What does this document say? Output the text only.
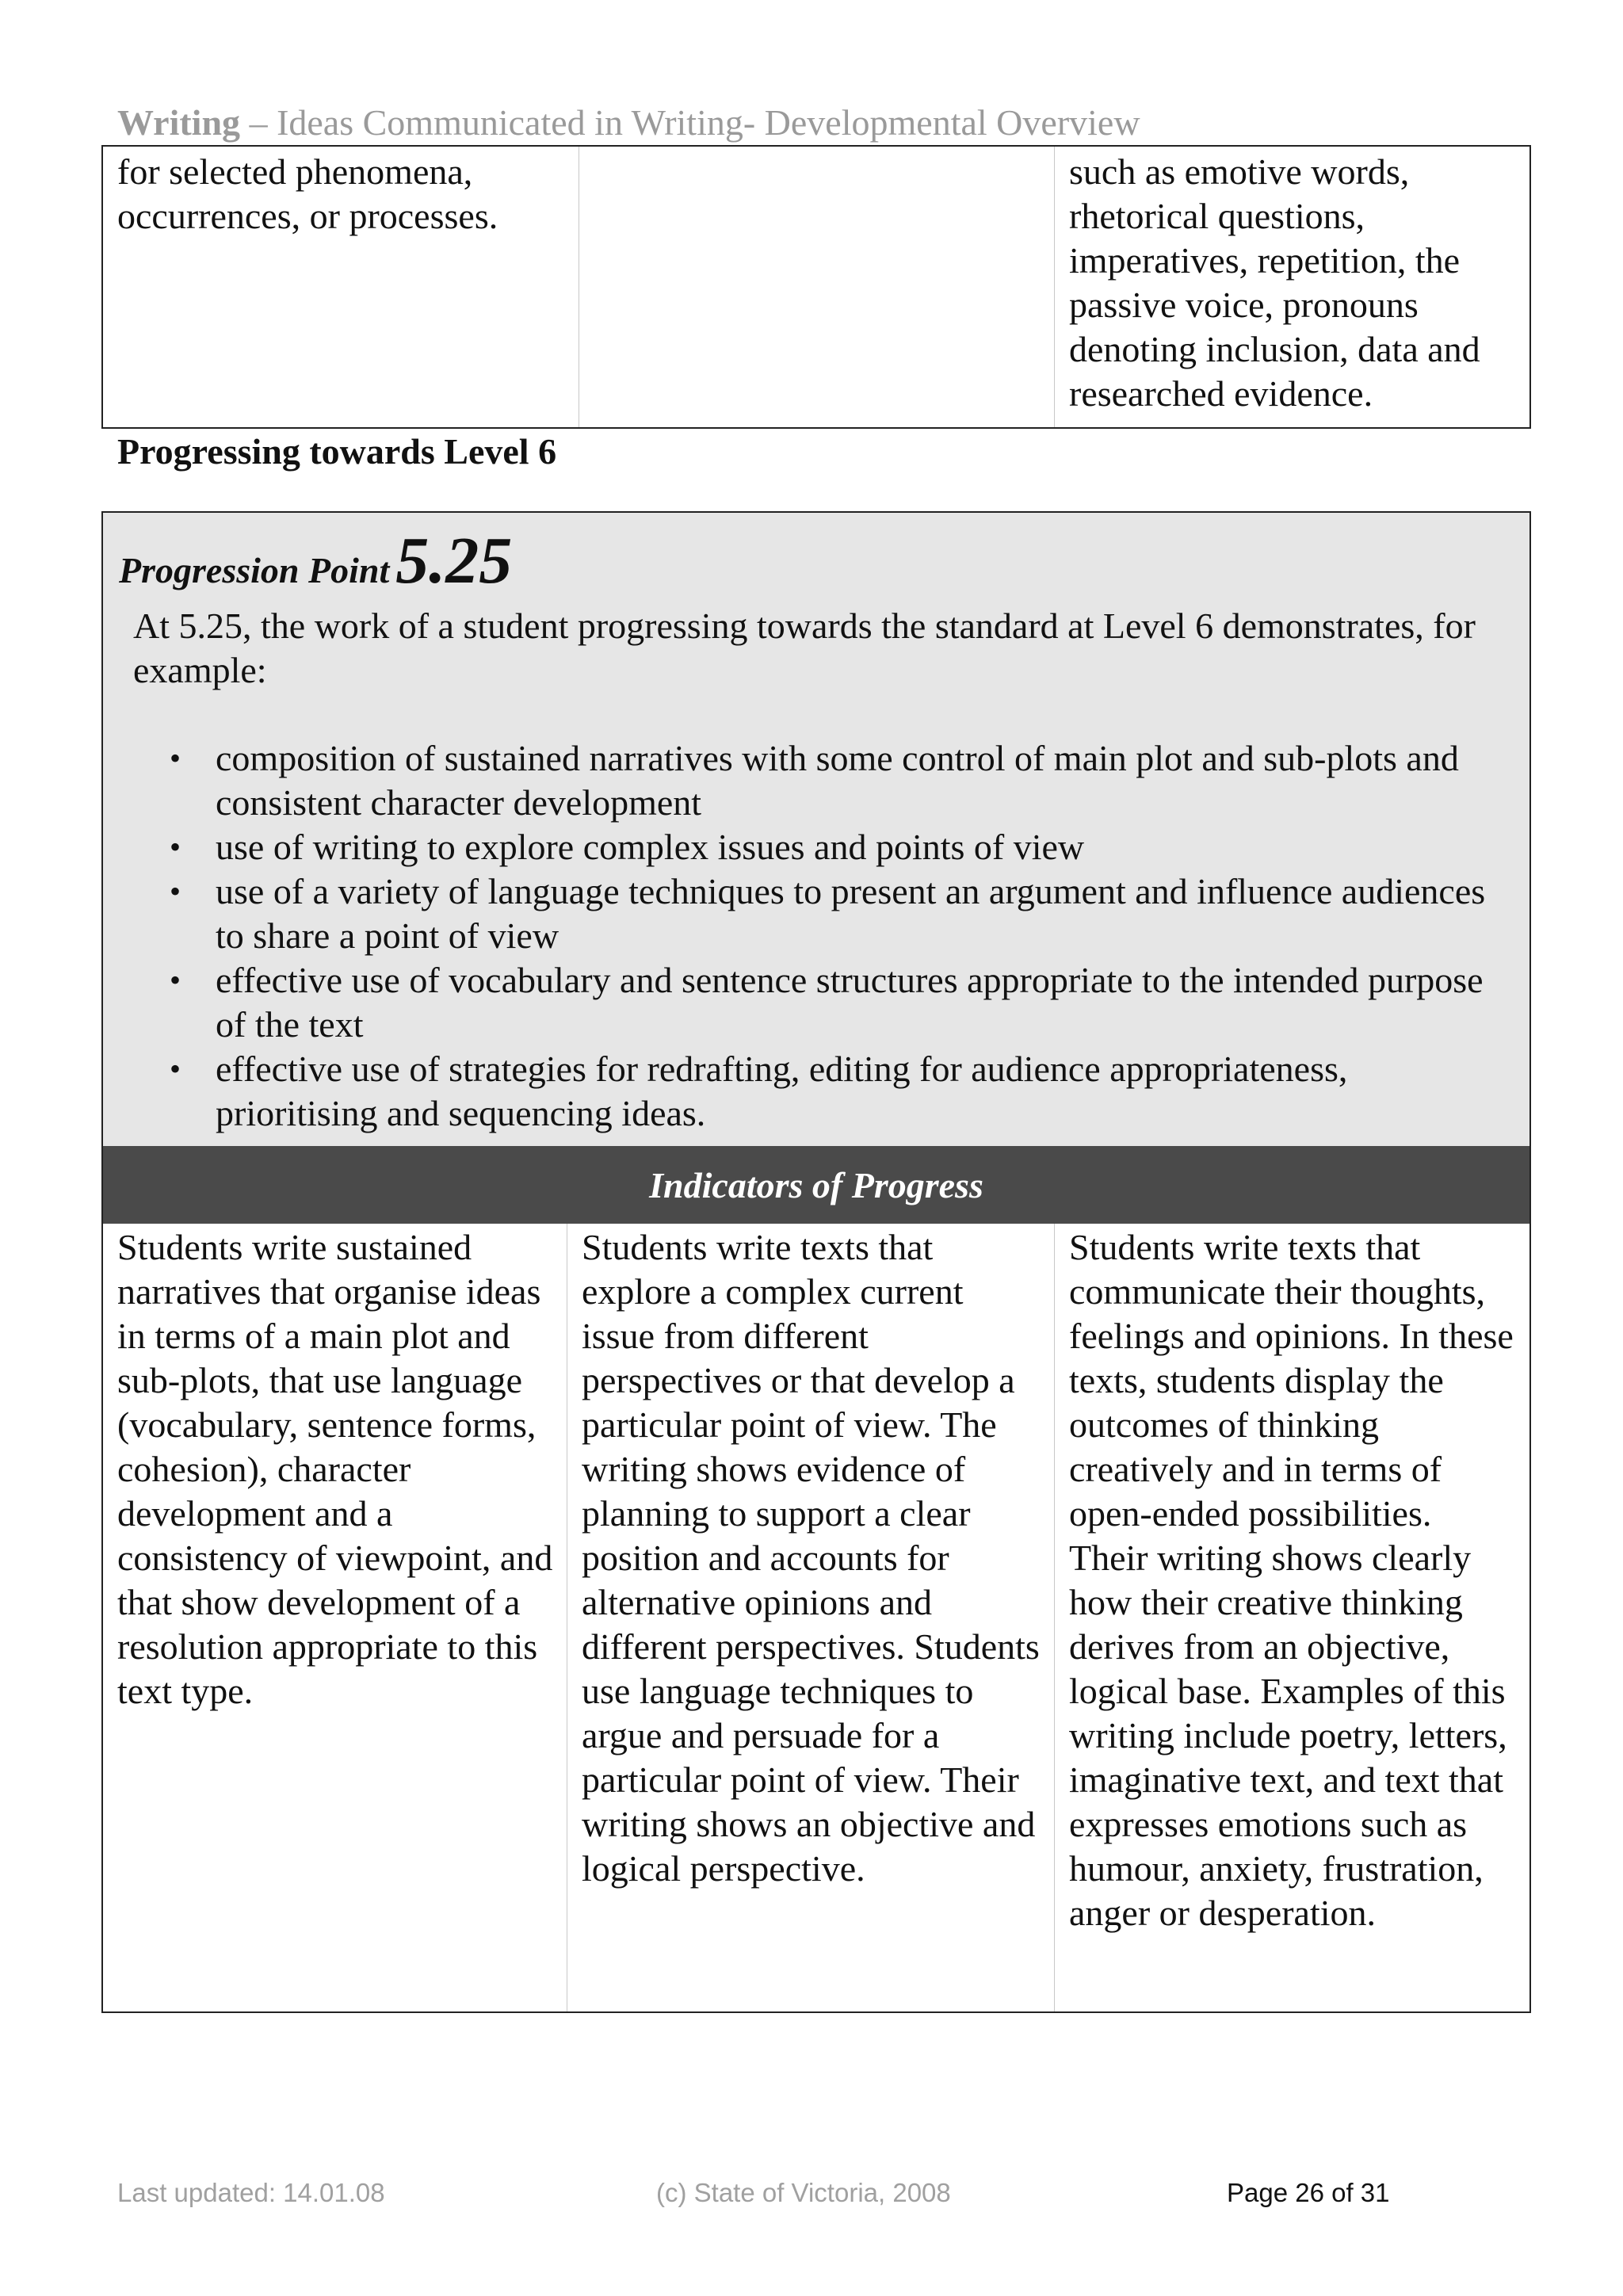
Writing – Ideas Communicated in Writing- Developmental Overview
for selected phenomena, occurrences, or processes.
such as emotive words, rhetorical questions, imperatives, repetition, the passive voice, pronouns denoting inclusion, data and researched evidence.
Progressing towards Level 6
Progression Point5.25
At 5.25, the work of a student progressing towards the standard at Level 6 demonstrates, for example:
• composition of sustained narratives with some control of main plot and sub-plots and consistent character development
• use of writing to explore complex issues and points of view
• use of a variety of language techniques to present an argument and influence audiences to share a point of view
• effective use of vocabulary and sentence structures appropriate to the intended purpose of the text
• effective use of strategies for redrafting, editing for audience appropriateness, prioritising and sequencing ideas.
Indicators of Progress
Students write sustained narratives that organise ideas in terms of a main plot and sub-plots, that use language (vocabulary, sentence forms, cohesion), character development and a consistency of viewpoint, and that show development of a resolution appropriate to this text type.
Students write texts that explore a complex current issue from different perspectives or that develop a particular point of view. The writing shows evidence of planning to support a clear position and accounts for alternative opinions and different perspectives. Students use language techniques to argue and persuade for a particular point of view. Their writing shows an objective and logical perspective.
Students write texts that communicate their thoughts, feelings and opinions. In these texts, students display the outcomes of thinking creatively and in terms of open-ended possibilities. Their writing shows clearly how their creative thinking derives from an objective, logical base. Examples of this writing include poetry, letters, imaginative text, and text that expresses emotions such as humour, anxiety, frustration, anger or desperation.
Last updated: 14.01.08	(c) State of Victoria, 2008	Page 26 of 31
